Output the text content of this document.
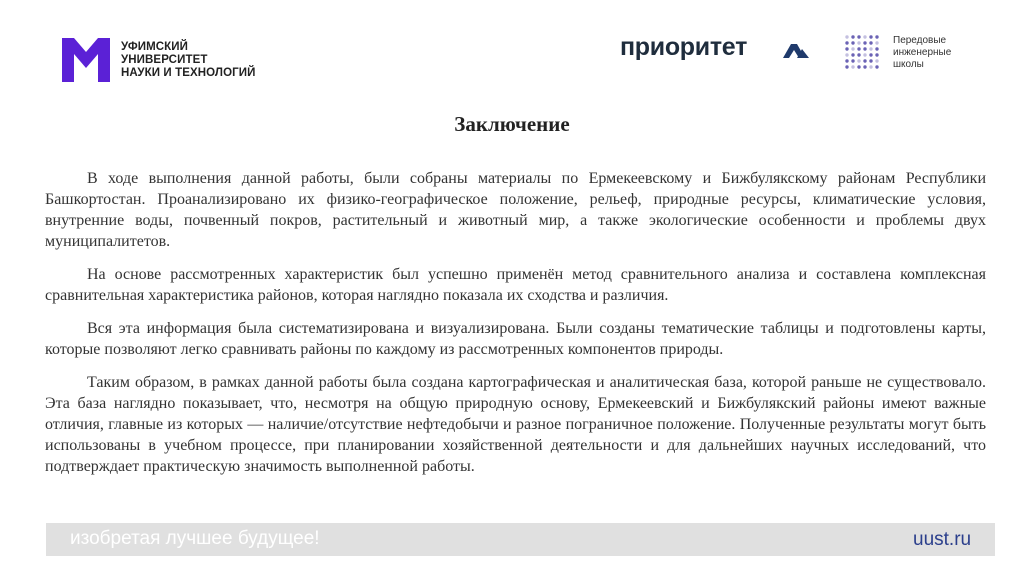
УФИМСКИЙ
УНИВЕРСИТЕТ
НАУКИ И ТЕХНОЛОГИЙ
приоритет	Передовые
инженерные
школы
Заключение

В ходе выполнения данной работы, были собраны материалы по Ермекеевскому и Бижбулякскому районам Республики Башкортостан. Проанализировано их физико-географическое положение, рельеф, природные ресурсы, климатические условия, внутренние воды, почвенный покров, растительный и животный мир, а также экологические особенности и проблемы двух муниципалитетов.

На основе рассмотренных характеристик был успешно применён метод сравнительного анализа и составлена комплексная сравнительная характеристика районов, которая наглядно показала их сходства и различия.

Вся эта информация была систематизирована и визуализирована. Были созданы тематические таблицы и подготовлены карты, которые позволяют легко сравнивать районы по каждому из рассмотренных компонентов природы.

Таким образом, в рамках данной работы была создана картографическая и аналитическая база, которой раньше не существовало. Эта база наглядно показывает, что, несмотря на общую природную основу, Ермекеевский и Бижбулякский районы имеют важные отличия, главные из которых — наличие/отсутствие нефтедобычи и разное пограничное положение. Полученные результаты могут быть использованы в учебном процессе, при планировании хозяйственной деятельности и для дальнейших научных исследований, что подтверждает практическую значимость выполненной работы.

изобретая лучшее будущее!	uust.ru
